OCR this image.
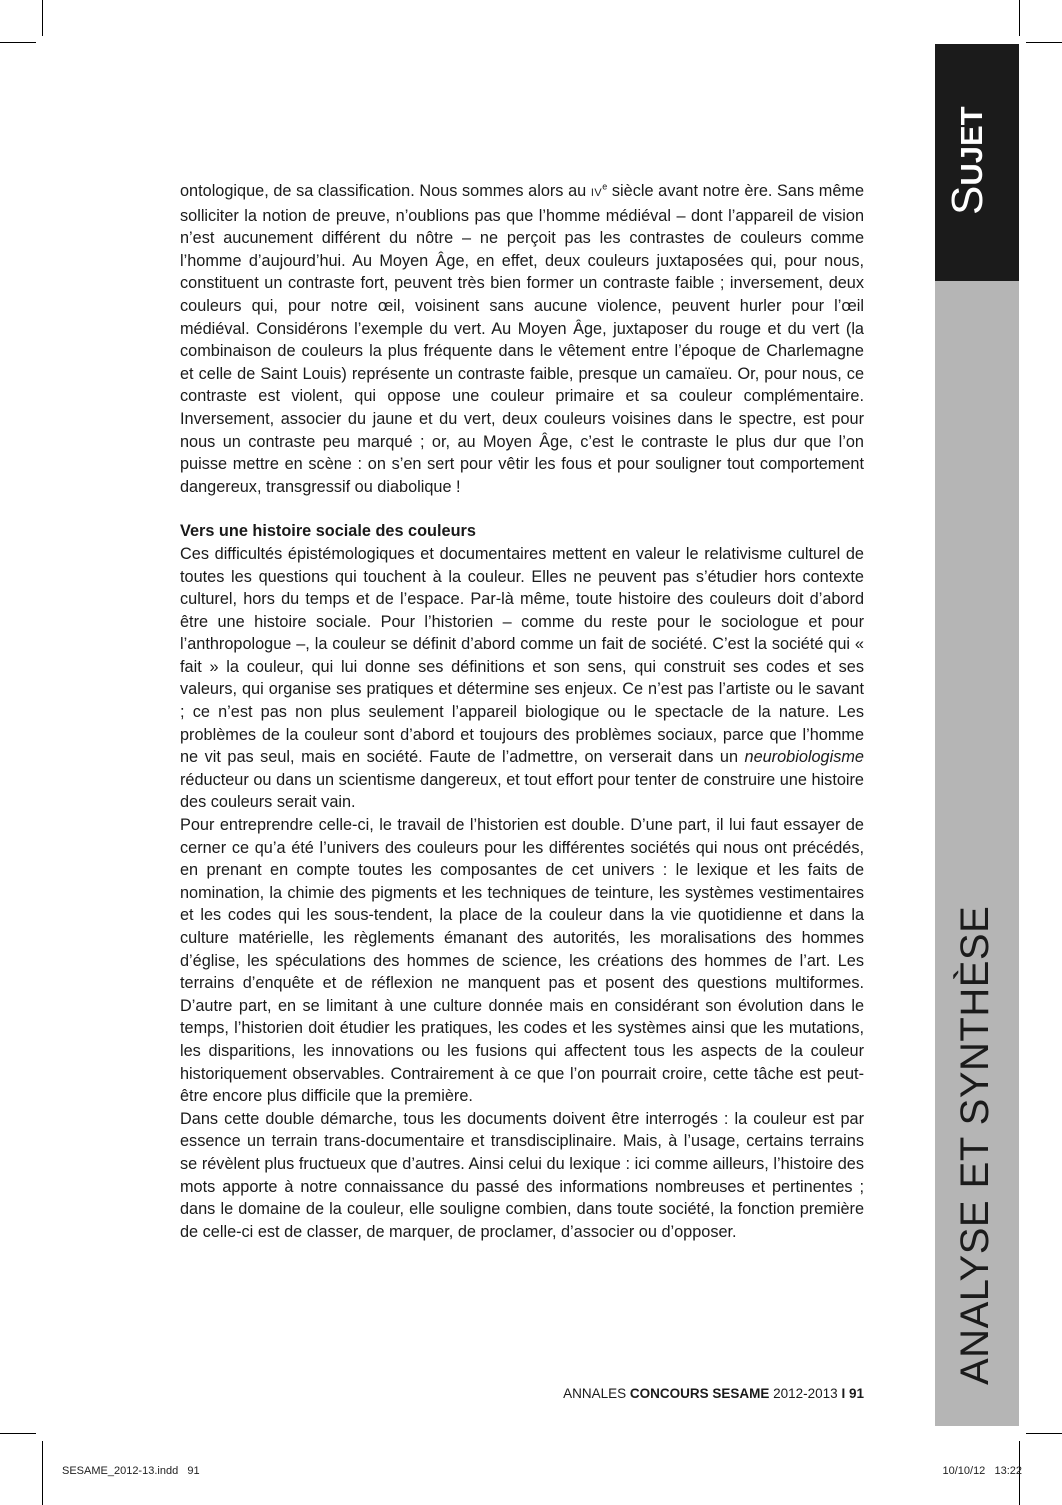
SUJET
ANALYSE ET SYNTHÈSE

ontologique, de sa classification. Nous sommes alors au IVe siècle avant notre ère. Sans même solliciter la notion de preuve, n’oublions pas que l’homme médiéval – dont l’appareil de vision n’est aucunement différent du nôtre – ne perçoit pas les contrastes de couleurs comme l’homme d’aujourd’hui. Au Moyen Âge, en effet, deux couleurs juxtaposées qui, pour nous, constituent un contraste fort, peuvent très bien former un contraste faible ; inversement, deux couleurs qui, pour notre œil, voisinent sans aucune violence, peuvent hurler pour l’œil médiéval. Considérons l’exemple du vert. Au Moyen Âge, juxtaposer du rouge et du vert (la combinaison de couleurs la plus fréquente dans le vêtement entre l’époque de Charlemagne et celle de Saint Louis) représente un contraste faible, presque un camaïeu. Or, pour nous, ce contraste est violent, qui oppose une couleur primaire et sa couleur complémentaire. Inversement, associer du jaune et du vert, deux couleurs voisines dans le spectre, est pour nous un contraste peu marqué ; or, au Moyen Âge, c’est le contraste le plus dur que l’on puisse mettre en scène : on s’en sert pour vêtir les fous et pour souligner tout comportement dangereux, transgressif ou diabolique !

Vers une histoire sociale des couleurs

Ces difficultés épistémologiques et documentaires mettent en valeur le relativisme culturel de toutes les questions qui touchent à la couleur. Elles ne peuvent pas s’étudier hors contexte culturel, hors du temps et de l’espace. Par-là même, toute histoire des couleurs doit d’abord être une histoire sociale. Pour l’historien – comme du reste pour le sociologue et pour l’anthropologue –, la couleur se définit d’abord comme un fait de société. C’est la société qui « fait » la couleur, qui lui donne ses définitions et son sens, qui construit ses codes et ses valeurs, qui organise ses pratiques et détermine ses enjeux. Ce n’est pas l’artiste ou le savant ; ce n’est pas non plus seulement l’appareil biologique ou le spectacle de la nature. Les problèmes de la couleur sont d’abord et toujours des problèmes sociaux, parce que l’homme ne vit pas seul, mais en société. Faute de l’admettre, on verserait dans un neurobiologisme réducteur ou dans un scientisme dangereux, et tout effort pour tenter de construire une histoire des couleurs serait vain.

Pour entreprendre celle-ci, le travail de l’historien est double. D’une part, il lui faut essayer de cerner ce qu’a été l’univers des couleurs pour les différentes sociétés qui nous ont précédés, en prenant en compte toutes les composantes de cet univers : le lexique et les faits de nomination, la chimie des pigments et les techniques de teinture, les systèmes vestimentaires et les codes qui les sous-tendent, la place de la couleur dans la vie quotidienne et dans la culture matérielle, les règlements émanant des autorités, les moralisations des hommes d’église, les spéculations des hommes de science, les créations des hommes de l’art. Les terrains d’enquête et de réflexion ne manquent pas et posent des questions multiformes. D’autre part, en se limitant à une culture donnée mais en considérant son évolution dans le temps, l’historien doit étudier les pratiques, les codes et les systèmes ainsi que les mutations, les disparitions, les innovations ou les fusions qui affectent tous les aspects de la couleur historiquement observables. Contrairement à ce que l’on pourrait croire, cette tâche est peut-être encore plus difficile que la première.

Dans cette double démarche, tous les documents doivent être interrogés : la couleur est par essence un terrain trans-documentaire et transdisciplinaire. Mais, à l’usage, certains terrains se révèlent plus fructueux que d’autres. Ainsi celui du lexique : ici comme ailleurs, l’histoire des mots apporte à notre connaissance du passé des informations nombreuses et pertinentes ; dans le domaine de la couleur, elle souligne combien, dans toute société, la fonction première de celle-ci est de classer, de marquer, de proclamer, d’associer ou d’opposer.

ANNALES CONCOURS SESAME 2012-2013 I 91
SESAME_2012-13.indd   91	10/10/12   13:22
